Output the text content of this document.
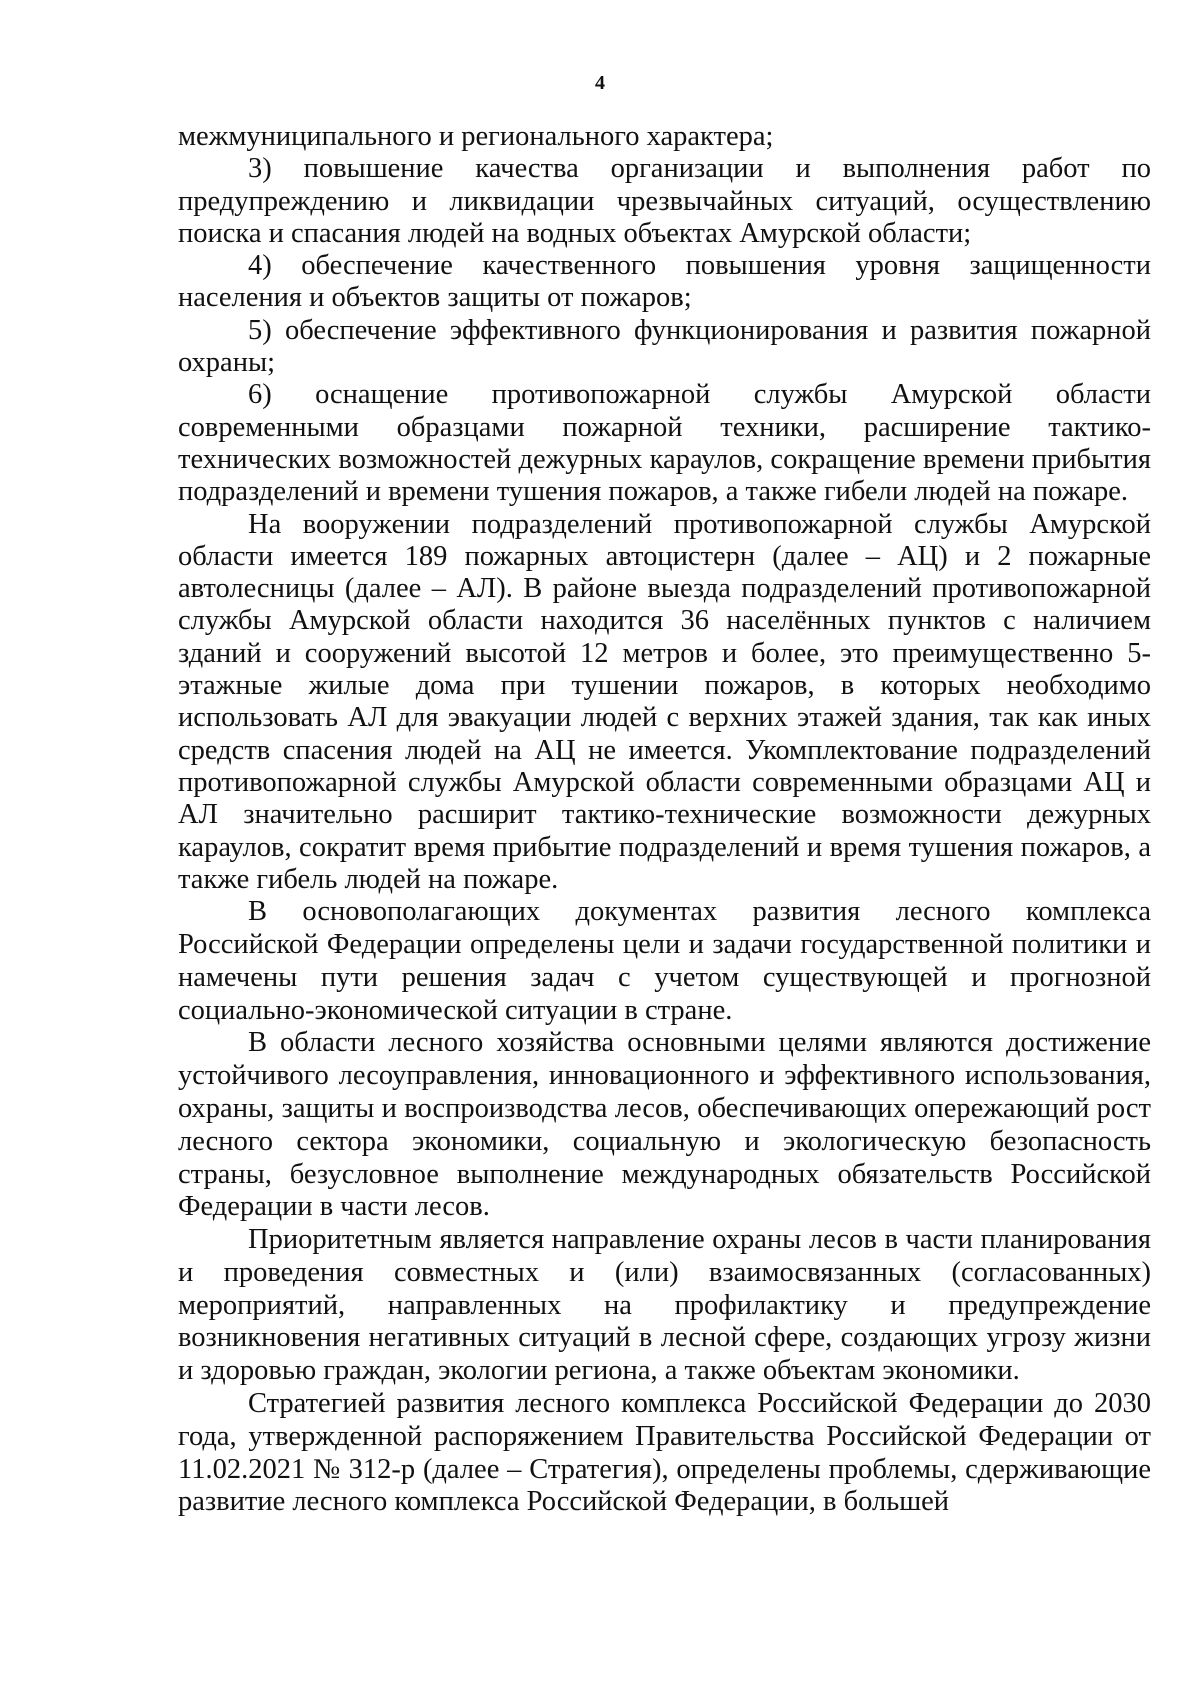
4

межмуниципального и регионального характера;

3) повышение качества организации и выполнения работ по предупреждению и ликвидации чрезвычайных ситуаций, осуществлению поиска и спасания людей на водных объектах Амурской области;

4) обеспечение качественного повышения уровня защищенности населения и объектов защиты от пожаров;

5) обеспечение эффективного функционирования и развития пожарной охраны;

6) оснащение противопожарной службы Амурской области современными образцами пожарной техники, расширение тактико-технических возможностей дежурных караулов, сокращение времени прибытия подразделений и времени тушения пожаров, а также гибели людей на пожаре.

На вооружении подразделений противопожарной службы Амурской области имеется 189 пожарных автоцистерн (далее – АЦ) и 2 пожарные автолесницы (далее – АЛ). В районе выезда подразделений противопожарной службы Амурской области находится 36 населённых пунктов с наличием зданий и сооружений высотой 12 метров и более, это преимущественно 5-этажные жилые дома при тушении пожаров, в которых необходимо использовать АЛ для эвакуации людей с верхних этажей здания, так как иных средств спасения людей на АЦ не имеется. Укомплектование подразделений противопожарной службы Амурской области современными образцами АЦ и АЛ значительно расширит тактико-технические возможности дежурных караулов, сократит время прибытие подразделений и время тушения пожаров, а также гибель людей на пожаре.

В основополагающих документах развития лесного комплекса Российской Федерации определены цели и задачи государственной политики и намечены пути решения задач с учетом существующей и прогнозной социально-экономической ситуации в стране.

В области лесного хозяйства основными целями являются достижение устойчивого лесоуправления, инновационного и эффективного использования, охраны, защиты и воспроизводства лесов, обеспечивающих опережающий рост лесного сектора экономики, социальную и экологическую безопасность страны, безусловное выполнение международных обязательств Российской Федерации в части лесов.

Приоритетным является направление охраны лесов в части планирования и проведения совместных и (или) взаимосвязанных (согласованных) мероприятий, направленных на профилактику и предупреждение возникновения негативных ситуаций в лесной сфере, создающих угрозу жизни и здоровью граждан, экологии региона, а также объектам экономики.

Стратегией развития лесного комплекса Российской Федерации до 2030 года, утвержденной распоряжением Правительства Российской Федерации от 11.02.2021 № 312-р (далее – Стратегия), определены проблемы, сдерживающие развитие лесного комплекса Российской Федерации, в большей
